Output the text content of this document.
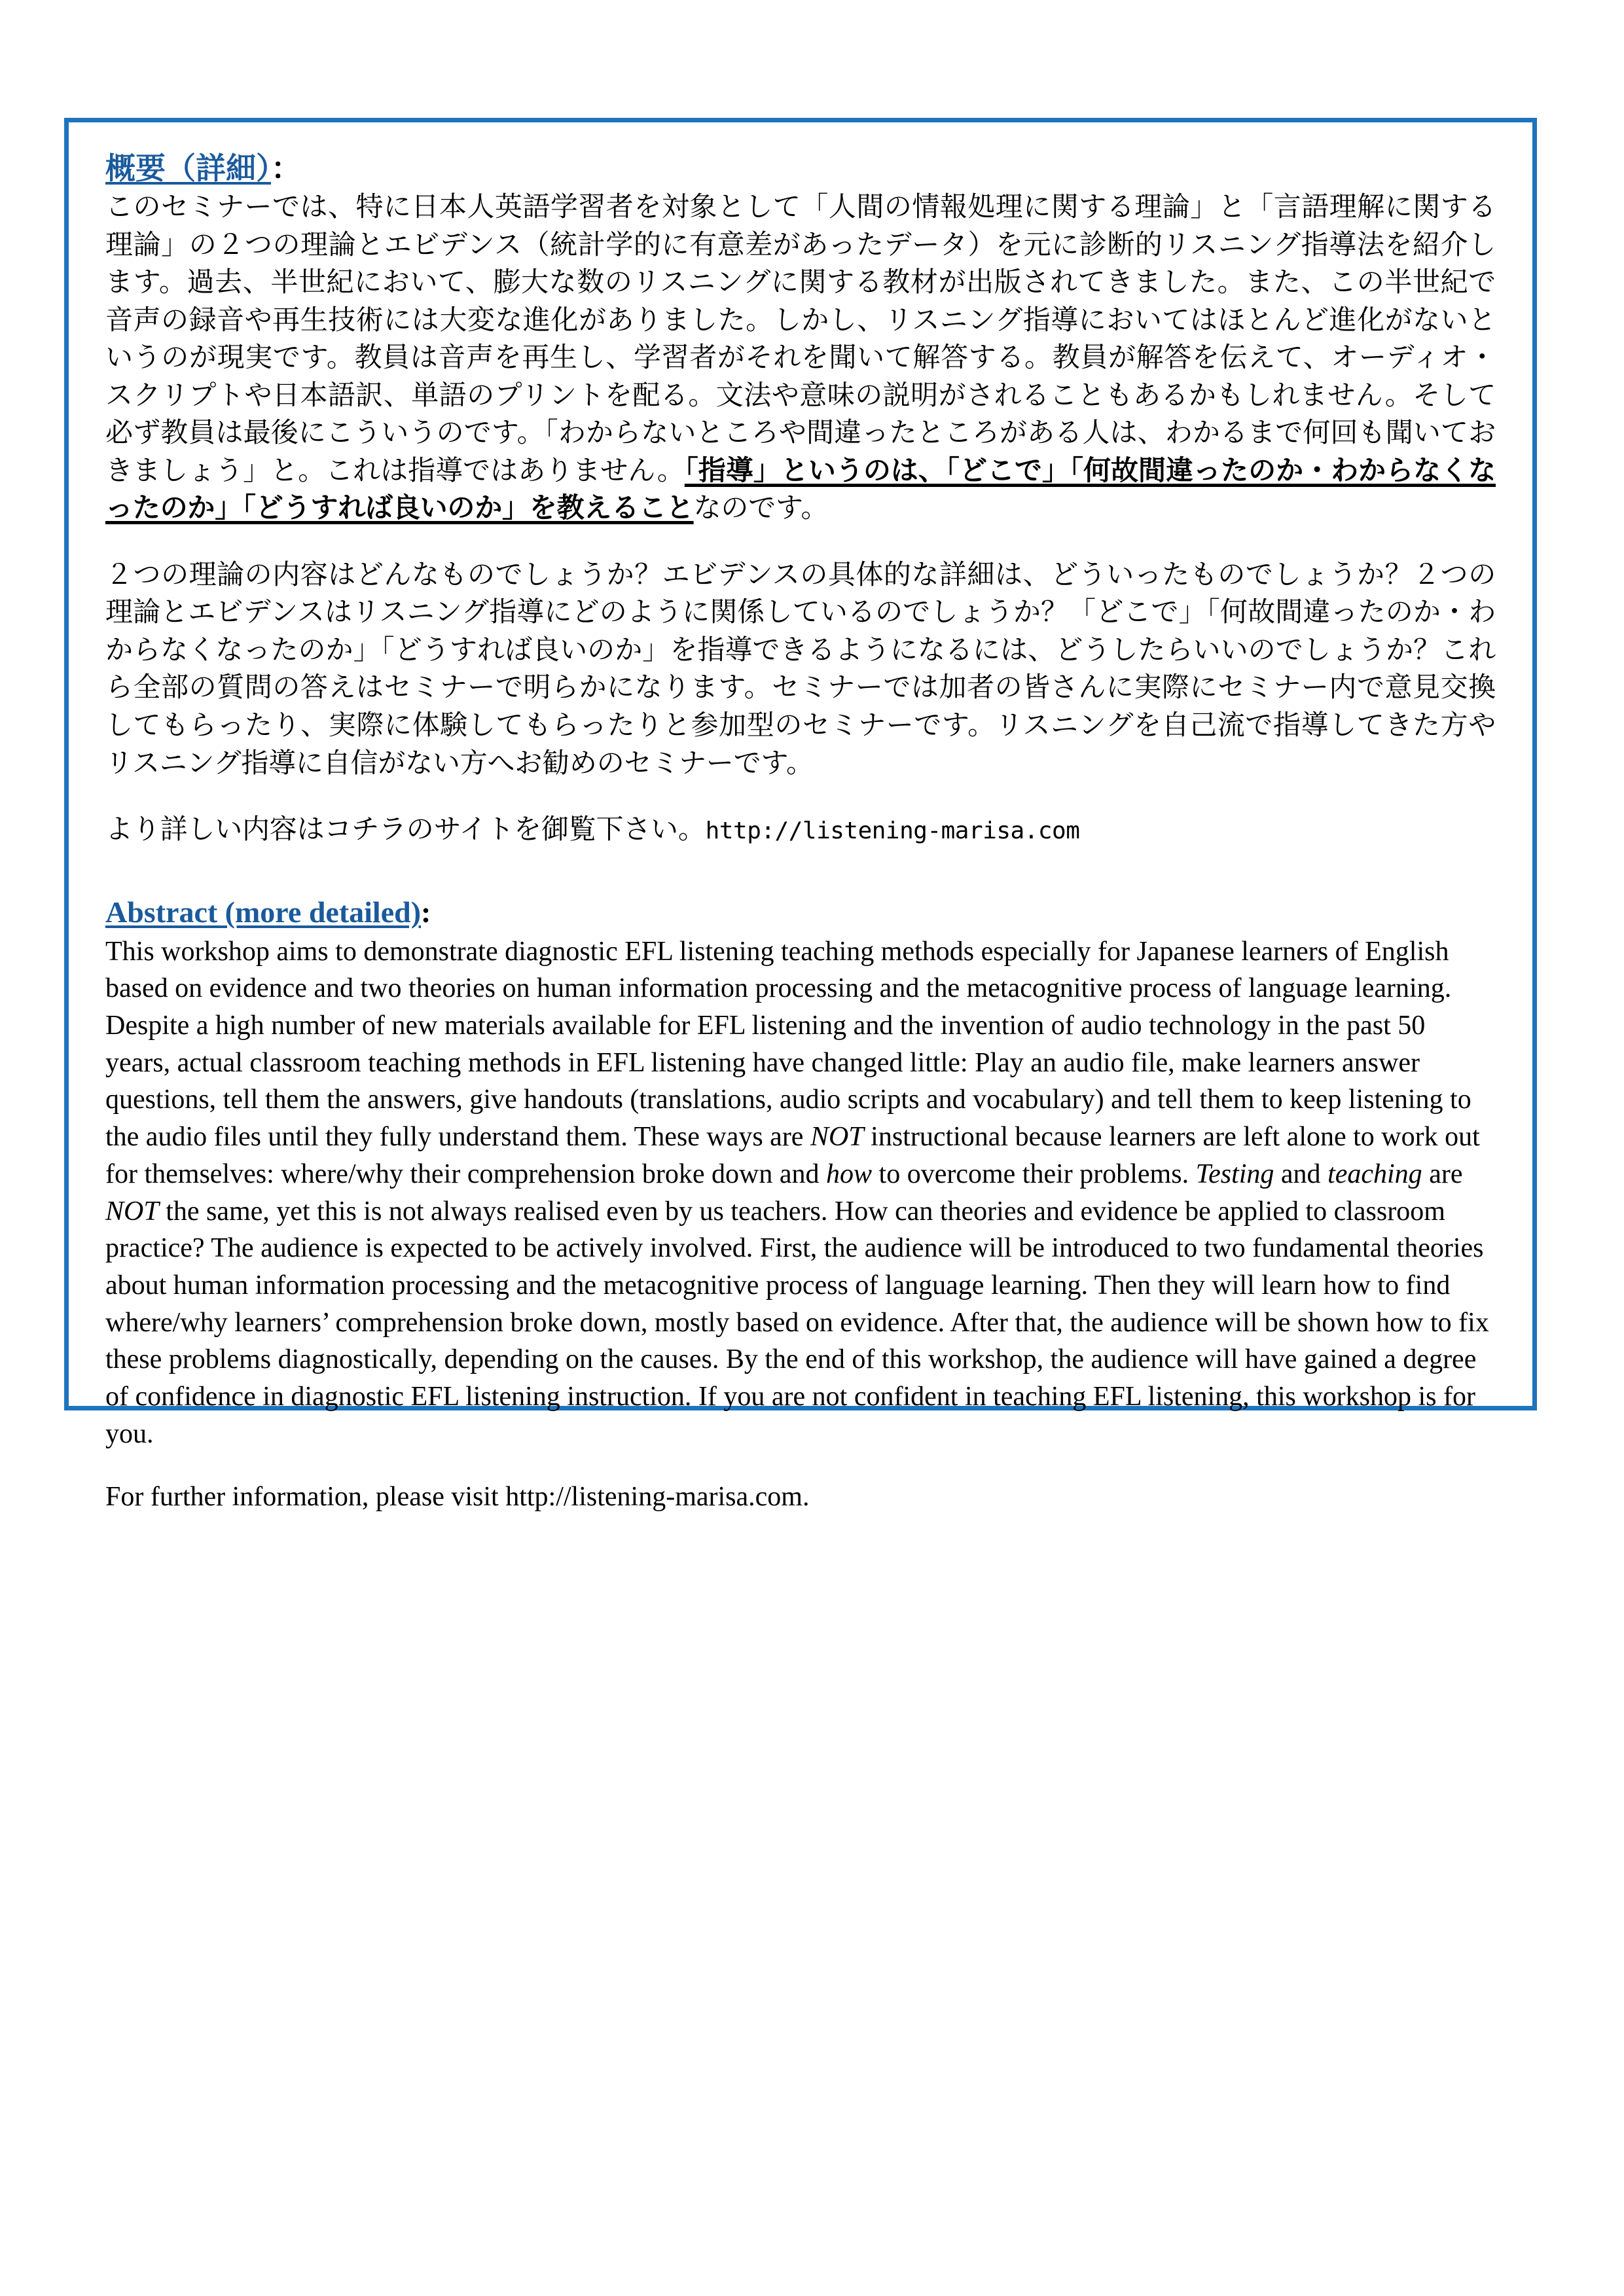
概要（詳細）：

このセミナーでは、特に日本人英語学習者を対象として「人間の情報処理に関する理論」と「言語理解に関する理論」の２つの理論とエビデンス（統計学的に有意差があったデータ）を元に診断的リスニング指導法を紹介します。過去、半世紀において、膨大な数のリスニングに関する教材が出版されてきました。また、この半世紀で音声の録音や再生技術には大変な進化がありました。しかし、リスニング指導においてはほとんど進化がないというのが現実です。教員は音声を再生し、学習者がそれを聞いて解答する。教員が解答を伝えて、オーディオ・スクリプトや日本語訳、単語のプリントを配る。文法や意味の説明がされることもあるかもしれません。そして必ず教員は最後にこういうのです。「わからないところや間違ったところがある人は、わかるまで何回も聞いておきましょう」と。これは指導ではありません。「指導」というのは、「どこで」「何故間違ったのか・わからなくなったのか」「どうすれば良いのか」を教えることなのです。

２つの理論の内容はどんなものでしょうか？エビデンスの具体的な詳細は、どういったものでしょうか？２つの理論とエビデンスはリスニング指導にどのように関係しているのでしょうか？「どこで」「何故間違ったのか・わからなくなったのか」「どうすれば良いのか」を指導できるようになるには、どうしたらいいのでしょうか？これら全部の質問の答えはセミナーで明らかになります。セミナーでは加者の皆さんに実際にセミナー内で意見交換してもらったり、実際に体験してもらったりと参加型のセミナーです。リスニングを自己流で指導してきた方やリスニング指導に自信がない方へお勧めのセミナーです。

より詳しい内容はコチラのサイトを御覧下さい。http://listening-marisa.com

Abstract (more detailed):

This workshop aims to demonstrate diagnostic EFL listening teaching methods especially for Japanese learners of English based on evidence and two theories on human information processing and the metacognitive process of language learning. Despite a high number of new materials available for EFL listening and the invention of audio technology in the past 50 years, actual classroom teaching methods in EFL listening have changed little: Play an audio file, make learners answer questions, tell them the answers, give handouts (translations, audio scripts and vocabulary) and tell them to keep listening to the audio files until they fully understand them. These ways are NOT instructional because learners are left alone to work out for themselves: where/why their comprehension broke down and how to overcome their problems. Testing and teaching are NOT the same, yet this is not always realised even by us teachers. How can theories and evidence be applied to classroom practice? The audience is expected to be actively involved. First, the audience will be introduced to two fundamental theories about human information processing and the metacognitive process of language learning. Then they will learn how to find where/why learners’ comprehension broke down, mostly based on evidence. After that, the audience will be shown how to fix these problems diagnostically, depending on the causes. By the end of this workshop, the audience will have gained a degree of confidence in diagnostic EFL listening instruction. If you are not confident in teaching EFL listening, this workshop is for you.

For further information, please visit http://listening-marisa.com.
